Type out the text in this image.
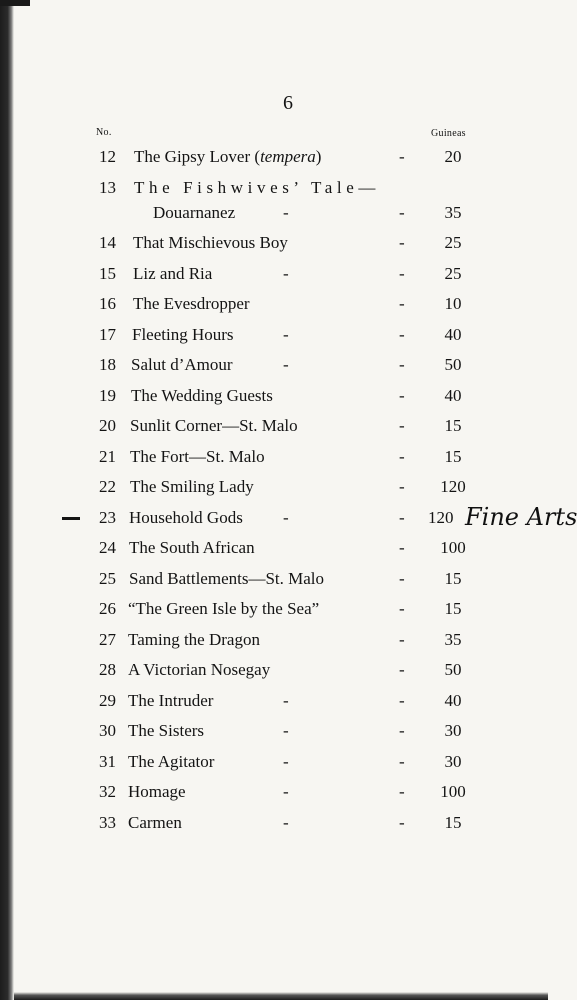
6
No.	Guineas
12 The Gipsy Lover (tempera)	-	20
13 The Fishwives’ Tale—
Douarnanez	-	-	35
14 That Mischievous Boy	-	25
15 Liz and Ria	-	-	25
16 The Evesdropper	-	10
17 Fleeting Hours	-	-	40
18 Salut d’Amour	-	-	50
19 The Wedding Guests	-	40
20 Sunlit Corner—St. Malo	-	15
21 The Fort—St. Malo	-	15
22 The Smiling Lady	-	120
23 Household Gods -	- 120
24 The South African	-	100
25 Sand Battlements—St. Malo	-	15
26 “The Green Isle by the Sea”	-	15
27 Taming the Dragon	-	35
28 A Victorian Nosegay	-	50
29 The Intruder	-	-	40
30 The Sisters	-	-	30
31 The Agitator	-	-	30
32 Homage	-	-	100
33 Carmen	-	-	15
Fine Arts
